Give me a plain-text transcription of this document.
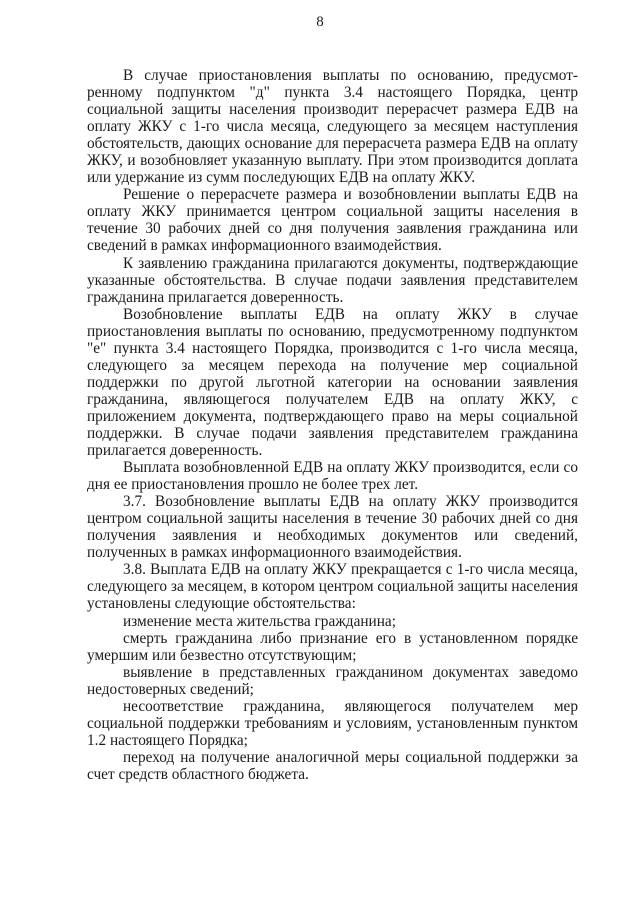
8

В случае приостановления выплаты по основанию, предусмотренному подпунктом "д" пункта 3.4 настоящего Порядка, центр социальной защиты населения производит перерасчет размера ЕДВ на оплату ЖКУ с 1-го числа месяца, следующего за месяцем наступления обстоятельств, дающих основание для перерасчета размера ЕДВ на оплату ЖКУ, и возобновляет указанную выплату. При этом производится доплата или удержание из сумм последующих ЕДВ на оплату ЖКУ.

Решение о перерасчете размера и возобновлении выплаты ЕДВ на оплату ЖКУ принимается центром социальной защиты населения в течение 30 рабочих дней со дня получения заявления гражданина или сведений в рамках информационного взаимодействия.

К заявлению гражданина прилагаются документы, подтверждающие указанные обстоятельства. В случае подачи заявления представителем гражданина прилагается доверенность.

Возобновление выплаты ЕДВ на оплату ЖКУ в случае приостановления выплаты по основанию, предусмотренному подпунктом "е" пункта 3.4 настоящего Порядка, производится с 1-го числа месяца, следующего за месяцем перехода на получение мер социальной поддержки по другой льготной категории на основании заявления гражданина, являющегося получателем ЕДВ на оплату ЖКУ, с приложением документа, подтверждающего право на меры социальной поддержки. В случае подачи заявления представителем гражданина прилагается доверенность.

Выплата возобновленной ЕДВ на оплату ЖКУ производится, если со дня ее приостановления прошло не более трех лет.

3.7. Возобновление выплаты ЕДВ на оплату ЖКУ производится центром социальной защиты населения в течение 30 рабочих дней со дня получения заявления и необходимых документов или сведений, полученных в рамках информационного взаимодействия.

3.8. Выплата ЕДВ на оплату ЖКУ прекращается с 1-го числа месяца, следующего за месяцем, в котором центром социальной защиты населения установлены следующие обстоятельства:

изменение места жительства гражданина;

смерть гражданина либо признание его в установленном порядке умершим или безвестно отсутствующим;

выявление в представленных гражданином документах заведомо недостоверных сведений;

несоответствие гражданина, являющегося получателем мер социальной поддержки требованиям и условиям, установленным пунктом 1.2 настоящего Порядка;

переход на получение аналогичной меры социальной поддержки за счет средств областного бюджета.
